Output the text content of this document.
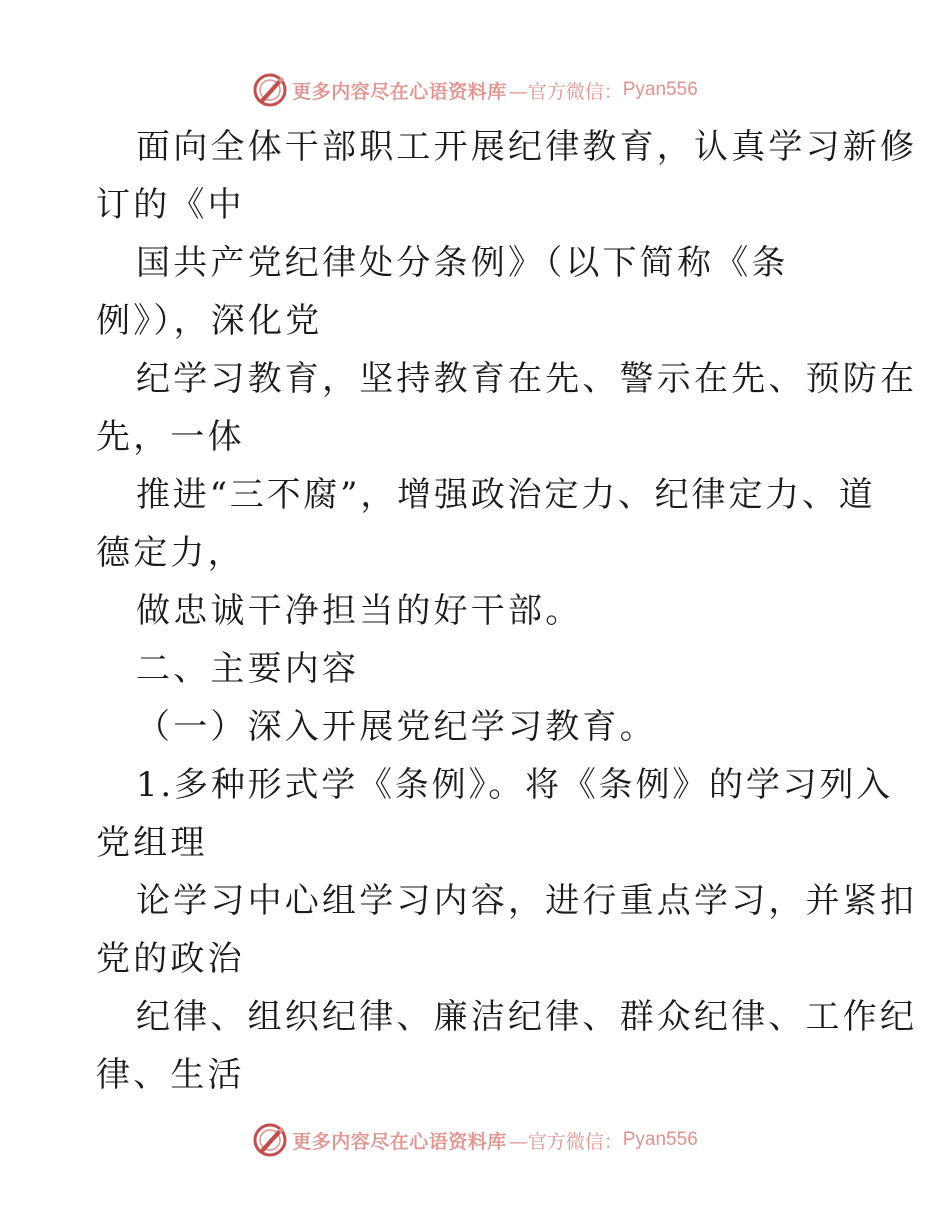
更多内容尽在心语资料库 —官方微信： Pyan556
面向全体干部职工开展纪律教育，认真学习新修
订的《中
国共产党纪律处分条例》（以下简称《条
例》），深化党
纪学习教育，坚持教育在先、警示在先、预防在
先，一体
推进“三不腐”，增强政治定力、纪律定力、道
德定力，
做忠诚干净担当的好干部。
二、主要内容
（一）深入开展党纪学习教育。
1.多种形式学《条例》。将《条例》的学习列入
党组理
论学习中心组学习内容，进行重点学习，并紧扣
党的政治
纪律、组织纪律、廉洁纪律、群众纪律、工作纪
律、生活
更多内容尽在心语资料库 —官方微信： Pyan556
